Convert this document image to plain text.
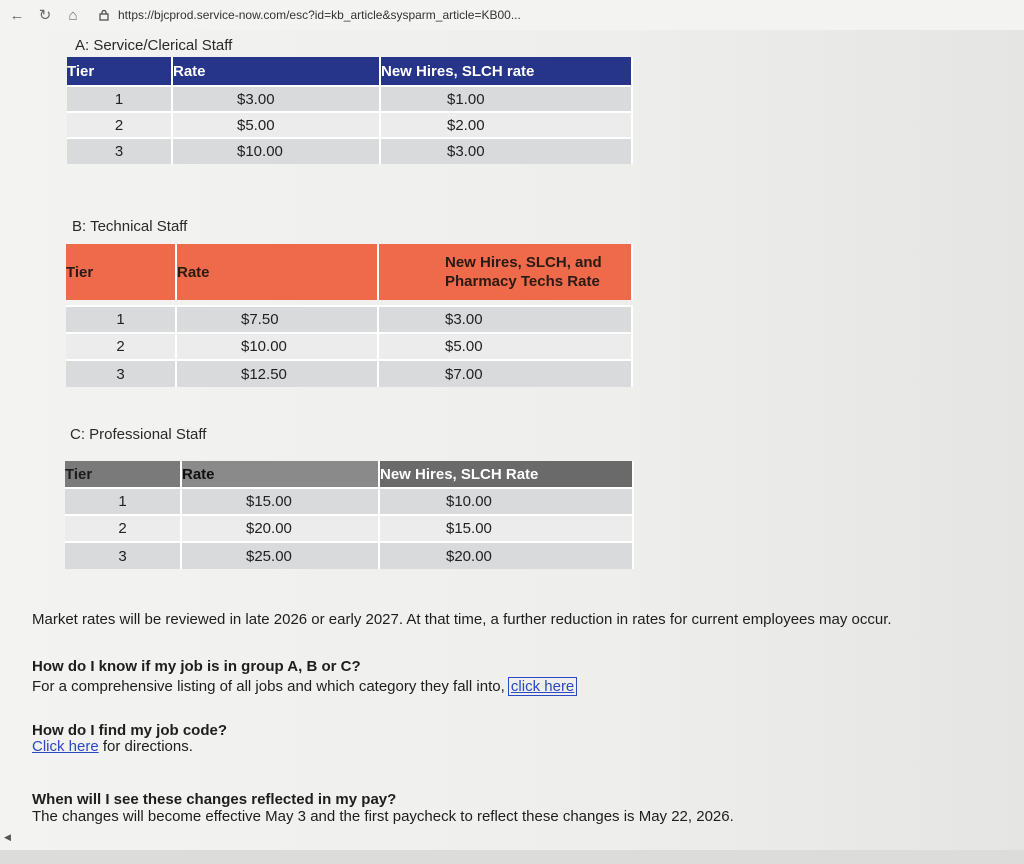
← ↻	⌂	https://bjcprod.service-now.com/esc?id=kb_article&sysparm_article=KB00...
A: Service/Clerical Staff
Tier	Rate	New Hires, SLCH rate
1	$3.00	$1.00
2	$5.00	$2.00
3	$10.00	$3.00
B: Technical Staff
Tier	Rate	New Hires, SLCH, and Pharmacy Techs Rate

1	$7.50	$3.00
2	$10.00	$5.00
3	$12.50	$7.00
C: Professional Staff
Tier	Rate	New Hires, SLCH Rate
1	$15.00	$10.00
2	$20.00	$15.00
3	$25.00	$20.00
Market rates will be reviewed in late 2026 or early 2027. At that time, a further reduction in rates for current employees may occur.
How do I know if my job is in group A, B or C?
For a comprehensive listing of all jobs and which category they fall into, click here
How do I find my job code?
Click here for directions.
When will I see these changes reflected in my pay?
The changes will become effective May 3 and the first paycheck to reflect these changes is May 22, 2026.
◀
